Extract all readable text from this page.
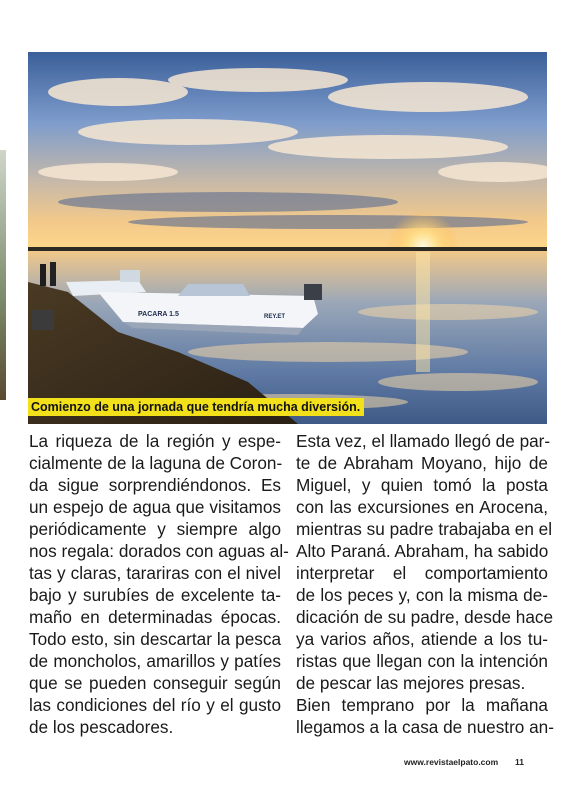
PACARA 1.5	REY.ET
Comienzo de una jornada que tendría mucha diversión.
La riqueza de la región y espe-
cialmente de la laguna de Coron-
da sigue sorprendiéndonos. Es
un espejo de agua que visitamos
periódicamente y siempre algo
nos regala: dorados con aguas al-
tas y claras, tarariras con el nivel
bajo y surubíes de excelente ta-
maño en determinadas épocas.
Todo esto, sin descartar la pesca
de moncholos, amarillos y patíes
que se pueden conseguir según
las condiciones del río y el gusto
de los pescadores.
Esta vez, el llamado llegó de par-
te de Abraham Moyano, hijo de
Miguel, y quien tomó la posta
con las excursiones en Arocena,
mientras su padre trabajaba en el
Alto Paraná. Abraham, ha sabido
interpretar el comportamiento
de los peces y, con la misma de-
dicación de su padre, desde hace
ya varios años, atiende a los tu-
ristas que llegan con la intención
de pescar las mejores presas.
Bien temprano por la mañana
llegamos a la casa de nuestro an-
www.revistaelpato.com 11
